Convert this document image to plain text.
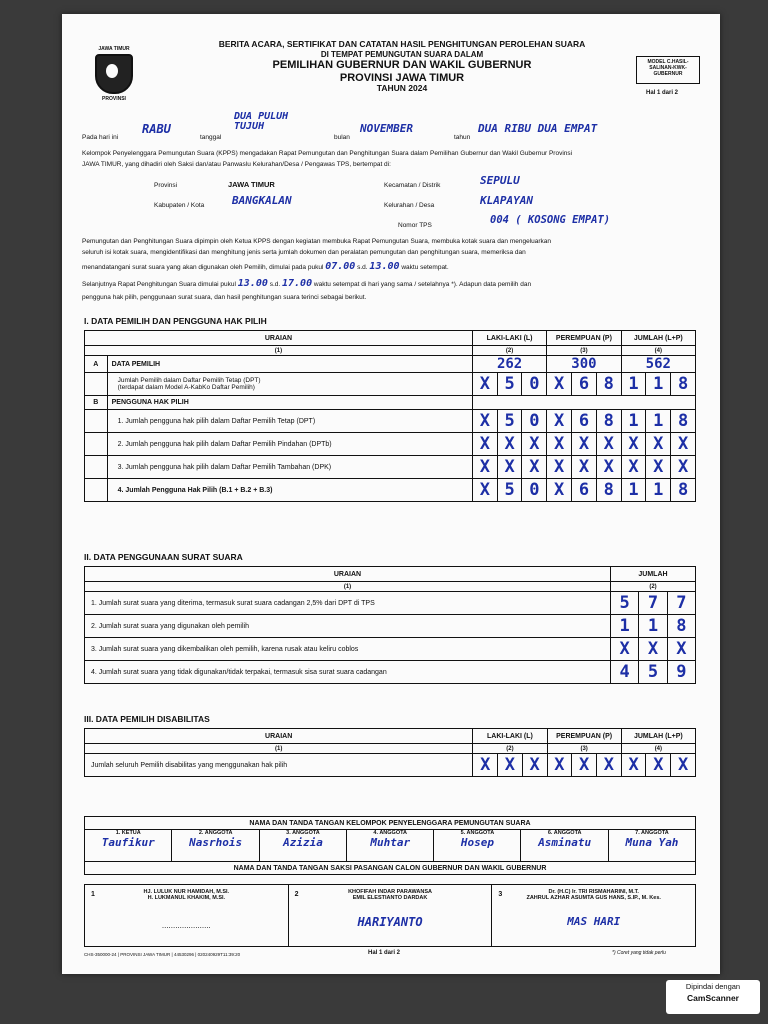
JAWA TIMUR
PROVINSI
BERITA ACARA, SERTIFIKAT DAN CATATAN HASIL PENGHITUNGAN PEROLEHAN SUARA
DI TEMPAT PEMUNGUTAN SUARA DALAM
PEMILIHAN GUBERNUR DAN WAKIL GUBERNUR
PROVINSI JAWA TIMUR
TAHUN 2024
MODEL C.HASIL-SALINAN-KWK-GUBERNUR
Hal 1 dari 2
Pada hari ini
RABU
tanggal
DUA PULUH TUJUH
bulan
NOVEMBER
tahun
DUA RIBU DUA EMPAT
Kelompok Penyelenggara Pemungutan Suara (KPPS) mengadakan Rapat Pemungutan dan Penghitungan Suara dalam Pemilihan Gubernur dan Wakil Gubernur Provinsi
JAWA TIMUR, yang dihadiri oleh Saksi dan/atau Panwaslu Kelurahan/Desa / Pengawas TPS, bertempat di:
Provinsi	JAWA TIMUR
Kabupaten / Kota	BANGKALAN
Kecamatan / Distrik	SEPULU
Kelurahan / Desa	KLAPAYAN
Nomor TPS	004 ( KOSONG EMPAT)
Pemungutan dan Penghitungan Suara dipimpin oleh Ketua KPPS dengan kegiatan membuka Rapat Pemungutan Suara, membuka kotak suara dan mengeluarkan
seluruh isi kotak suara, mengidentifikasi dan menghitung jenis serta jumlah dokumen dan peralatan pemungutan dan penghitungan suara, memeriksa dan
menandatangani surat suara yang akan digunakan oleh Pemilih, dimulai pada pukul 07.00 s.d. 13.00 waktu setempat.
Selanjutnya Rapat Penghitungan Suara dimulai pukul 13.00 s.d. 17.00 waktu setempat di hari yang sama / setelahnya *). Adapun data pemilih dan
pengguna hak pilih, penggunaan surat suara, dan hasil penghitungan suara terinci sebagai berikut.
I. DATA PEMILIH DAN PENGGUNA HAK PILIH
URAIAN		LAKI-LAKI (L)			PEREMPUAN (P)			JUMLAH (L+P)		
(1)		(2)			(3)			(4)		
A	DATA PEMILIH	262			300			562		

	Jumlah Pemilih dalam Daftar Pemilih Tetap (DPT)
(terdapat dalam Model A-KabKo Daftar Pemilih)	X	5	0	X	6	8	1	1	8
B	PENGGUNA HAK PILIH									
	1. Jumlah pengguna hak pilih dalam Daftar Pemilih Tetap (DPT)	X	5	0	X	6	8	1	1	8
	2. Jumlah pengguna hak pilih dalam Daftar Pemilih Pindahan (DPTb)	X	X	X	X	X	X	X	X	X
	3. Jumlah pengguna hak pilih dalam Daftar Pemilih Tambahan (DPK)	X	X	X	X	X	X	X	X	X
	4. Jumlah Pengguna Hak Pilih (B.1 + B.2 + B.3)	X	5	0	X	6	8	1	1	8
II. DATA PENGGUNAAN SURAT SUARA
URAIAN	JUMLAH		
(1)	(2)		
1. Jumlah surat suara yang diterima, termasuk surat suara cadangan 2,5% dari DPT di TPS	5	7	7
2. Jumlah surat suara yang digunakan oleh pemilih	1	1	8
3. Jumlah surat suara yang dikembalikan oleh pemilih, karena rusak atau keliru coblos	X	X	X
4. Jumlah surat suara yang tidak digunakan/tidak terpakai, termasuk sisa surat suara cadangan	4	5	9
III. DATA PEMILIH DISABILITAS
URAIAN	LAKI-LAKI (L)			PEREMPUAN (P)			JUMLAH (L+P)		
(1)	(2)			(3)			(4)		
Jumlah seluruh Pemilih disabilitas yang menggunakan hak pilih	X	X	X	X	X	X	X	X	X
NAMA DAN TANDA TANGAN KELOMPOK PENYELENGGARA PEMUNGUTAN SUARA

1. KETUA
Taufikur

2. ANGGOTA
Nasrhois

3. ANGGOTA
Azizia

4. ANGGOTA
Muhtar

5. ANGGOTA
Hosep

6. ANGGOTA
Asminatu

7. ANGGOTA
Muna Yah

NAMA DAN TANDA TANGAN SAKSI PASANGAN CALON GUBERNUR DAN WAKIL GUBERNUR
1	HJ. LULUK NUR HAMIDAH, M.SI.
H. LUKMANUL KHAKIM, M.SI.
......................

2	KHOFIFAH INDAR PARAWANSA
EMIL ELESTIANTO DARDAK
HARIYANTO

3	Dr. (H.C) Ir. TRI RISMAHARINI, M.T.
ZAHRUL AZHAR ASUMTA GUS HANS, S.IP., M. Kes.
MAS HARI
CHS-350000-24 | PROVINSI JAWA TIMUR | 44530296 | 020240929T11:39:20	Hal 1 dari 2	*) Coret yang tidak perlu
Dipindai dengan
CamScanner
